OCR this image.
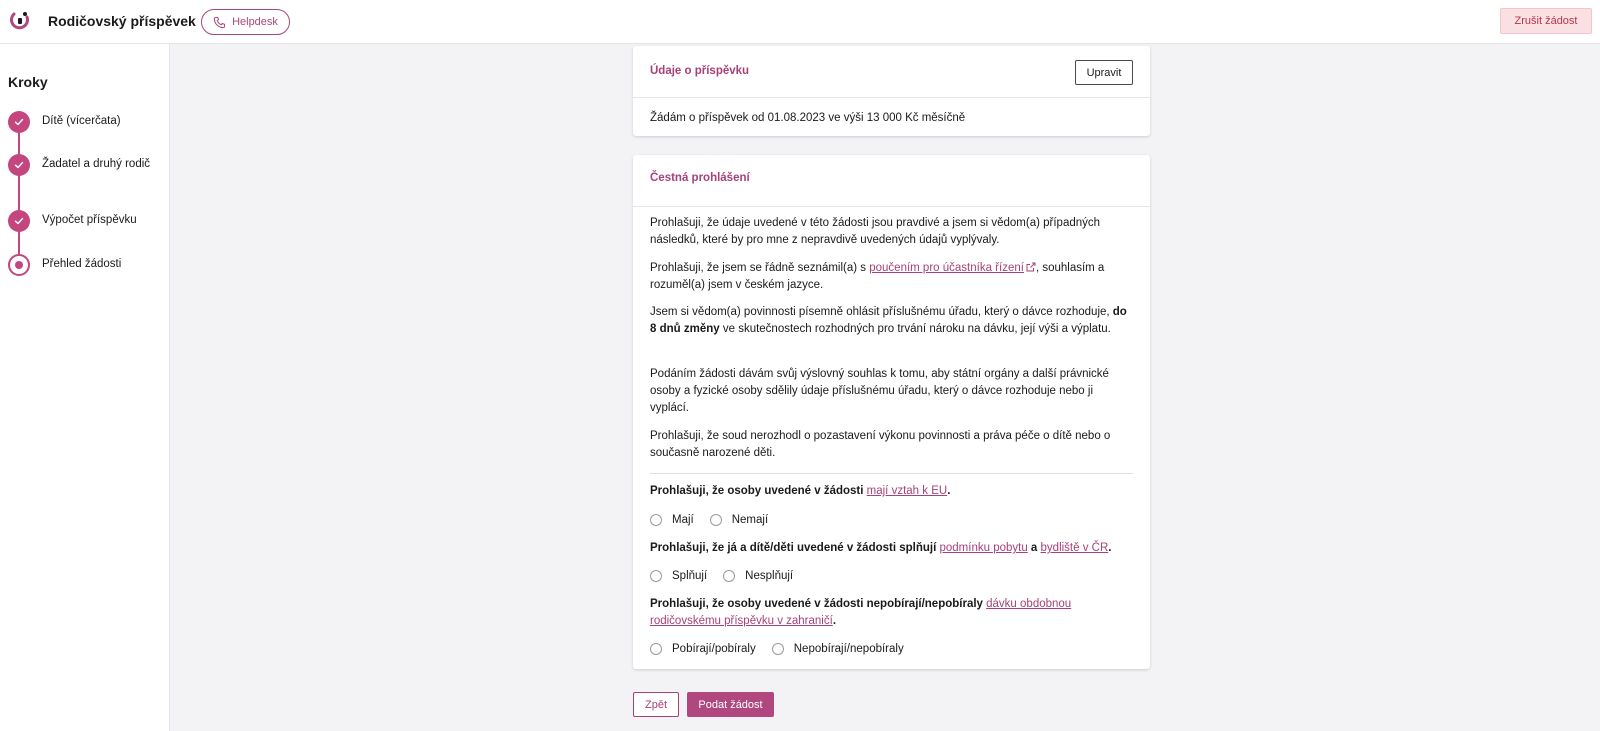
Rodičovský příspěvek	Helpdesk	Zrušit žádost
Kroky
Dítě (vícerčata)
Žadatel a druhý rodič
Výpočet příspěvku
Přehled žádosti
Údaje o příspěvku	Upravit
Žádám o příspěvek od 01.08.2023 ve výši 13 000 Kč měsíčně
Čestná prohlášení
Prohlašuji, že údaje uvedené v této žádosti jsou pravdivé a jsem si vědom(a) případných následků, které by pro mne z nepravdivě uvedených údajů vyplývaly.
Prohlašuji, že jsem se řádně seznámil(a) s poučením pro účastníka řízení , souhlasím a rozuměl(a) jsem v českém jazyce.
Jsem si vědom(a) povinnosti písemně ohlásit příslušnému úřadu, který o dávce rozhoduje, do 8 dnů změny ve skutečnostech rozhodných pro trvání nároku na dávku, její výši a výplatu.
Podáním žádosti dávám svůj výslovný souhlas k tomu, aby státní orgány a další právnické osoby a fyzické osoby sdělily údaje příslušnému úřadu, který o dávce rozhoduje nebo ji vyplácí.
Prohlašuji, že soud nerozhodl o pozastavení výkonu povinnosti a práva péče o dítě nebo o současně narozené děti.
Prohlašuji, že osoby uvedené v žádosti mají vztah k EU.
Mají	Nemají
Prohlašuji, že já a dítě/děti uvedené v žádosti splňují podmínku pobytu a bydliště v ČR.
Splňují	Nesplňují
Prohlašuji, že osoby uvedené v žádosti nepobírají/nepobíraly dávku obdobnou rodičovskému příspěvku v zahraničí.
Pobírají/pobíraly	Nepobírají/nepobíraly
Zpět	Podat žádost
